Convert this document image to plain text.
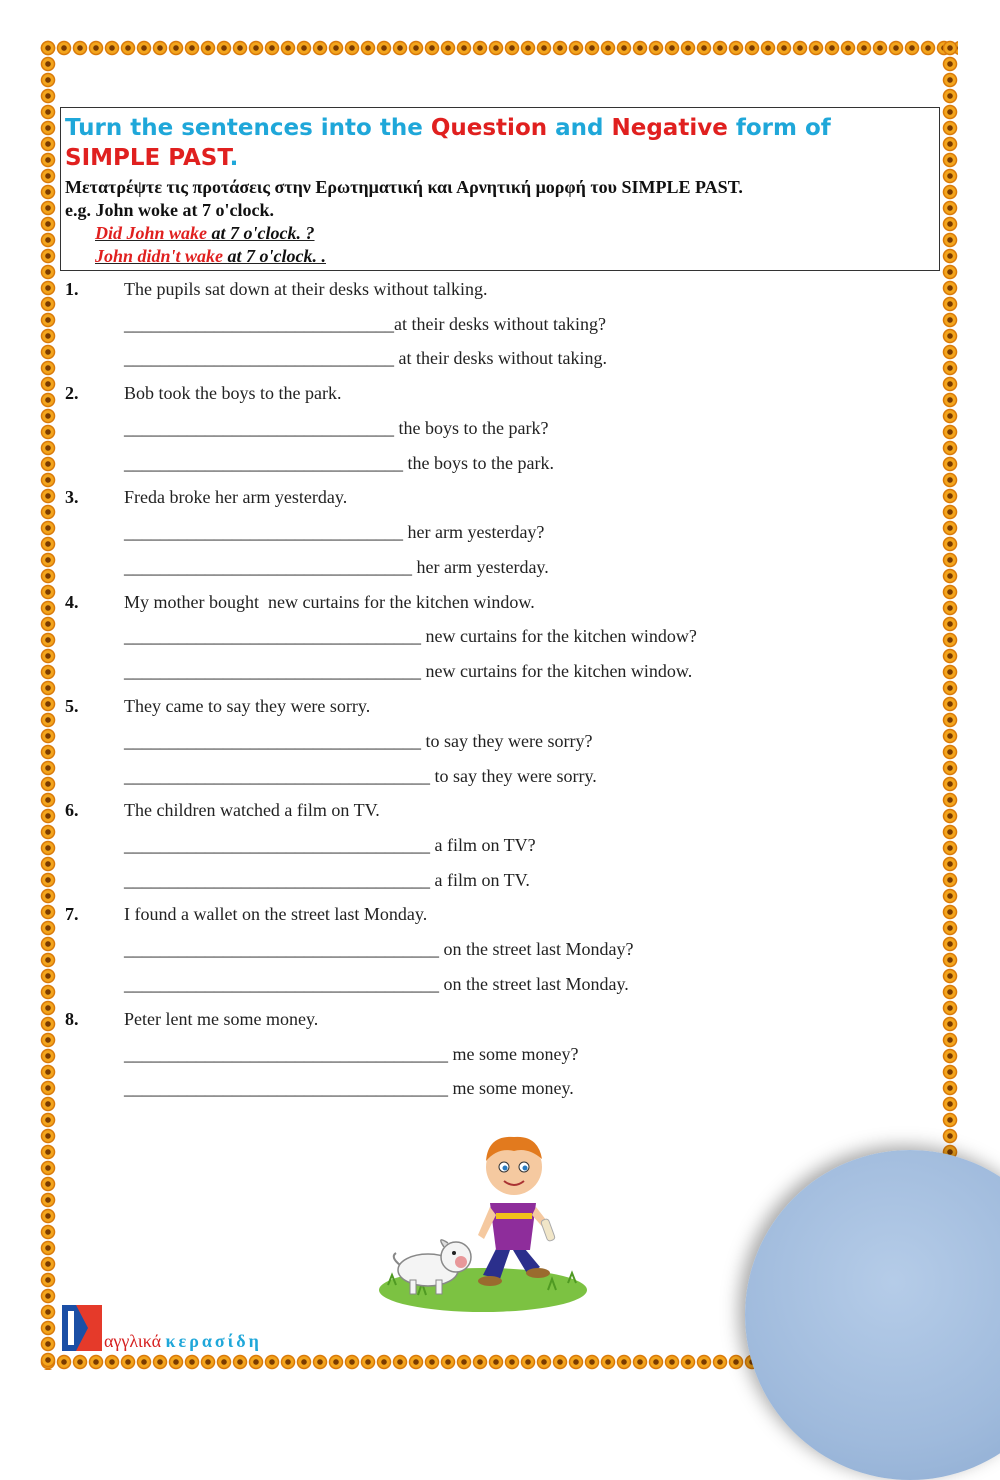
Turn the sentences into the Question and Negative form of SIMPLE PAST.
Μετατρέψτε τις προτάσεις στην Ερωτηματική και Αρνητική μορφή του SIMPLE PAST.
e.g. John woke at 7 o'clock.
Did John wake at 7 o'clock. ?
John didn't wake at 7 o'clock. .
1.	The pupils sat down at their desks without talking.
______________________________at their desks without taking?
______________________________ at their desks without taking.
2.	Bob took the boys to the park.
______________________________ the boys to the park?
_______________________________ the boys to the park.
3.	Freda broke her arm yesterday.
_______________________________ her arm yesterday?
________________________________ her arm yesterday.
4.	My mother bought  new curtains for the kitchen window.
_________________________________ new curtains for the kitchen window?
_________________________________ new curtains for the kitchen window.
5.	They came to say they were sorry.
_________________________________ to say they were sorry?
__________________________________ to say they were sorry.
6.	The children watched a film on TV.
__________________________________ a film on TV?
__________________________________ a film on TV.
7.	I found a wallet on the street last Monday.
___________________________________ on the street last Monday?
___________________________________ on the street last Monday.
8.	Peter lent me some money.
____________________________________ me some money?
____________________________________ me some money.
αγγλικά κερασίδη
